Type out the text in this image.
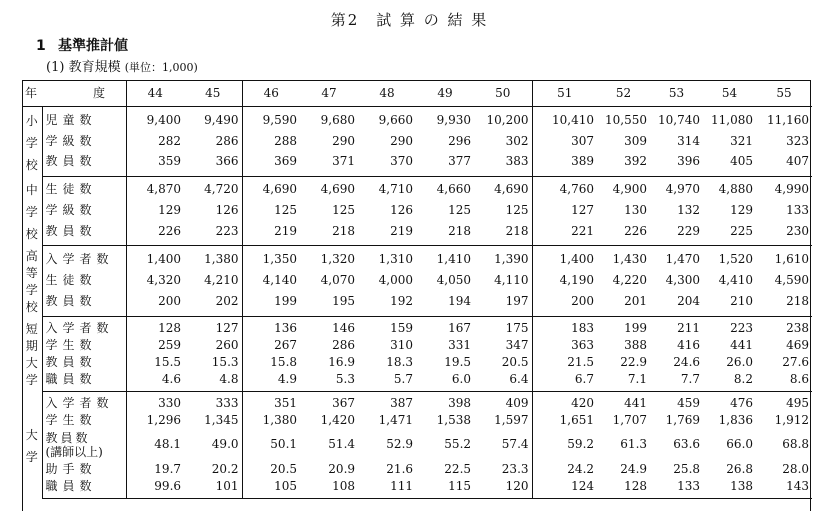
第2　試 算 の 結 果
1 基準推計値
(1) 教育規模 (単位：1,000)
年　度		44	45	46	47	48	49	50	51	52	53	54	55

小
学
校	児童数	9,400	9,490	9,590	9,680	9,660	9,930	10,200	10,410	10,550	10,740	11,080	11,160

	学級数	282	286	288	290	290	296	302	307	309	314	321	323

	教員数	359	366	369	371	370	377	383	389	392	396	405	407

中
学
校	生徒数	4,870	4,720	4,690	4,690	4,710	4,660	4,690	4,760	4,900	4,970	4,880	4,990

	学級数	129	126	125	125	126	125	125	127	130	132	129	133

	教員数	226	223	219	218	219	218	218	221	226	229	225	230

高
等
学
校	入学者数	1,400	1,380	1,350	1,320	1,310	1,410	1,390	1,400	1,430	1,470	1,520	1,610

	生徒数	4,320	4,210	4,140	4,070	4,000	4,050	4,110	4,190	4,220	4,300	4,410	4,590

	教員数	200	202	199	195	192	194	197	200	201	204	210	218

短
期
大
学	入学者数	128	127	136	146	159	167	175	183	199	211	223	238

	学生数	259	260	267	286	310	331	347	363	388	416	441	469

	教員数	15.5	15.3	15.8	16.9	18.3	19.5	20.5	21.5	22.9	24.6	26.0	27.6

	職員数	4.6	4.8	4.9	5.3	5.7	6.0	6.4	6.7	7.1	7.7	8.2	8.6

大
学	入学者数	330	333	351	367	387	398	409	420	441	459	476	495

	学生数	1,296	1,345	1,380	1,420	1,471	1,538	1,597	1,651	1,707	1,769	1,836	1,912

	教員数
(講師以上)	48.1	49.0	50.1	51.4	52.9	55.2	57.4	59.2	61.3	63.6	66.0	68.8

	助手数	19.7	20.2	20.5	20.9	21.6	22.5	23.3	24.2	24.9	25.8	26.8	28.0

	職員数	99.6	101	105	108	111	115	120	124	128	133	138	143
